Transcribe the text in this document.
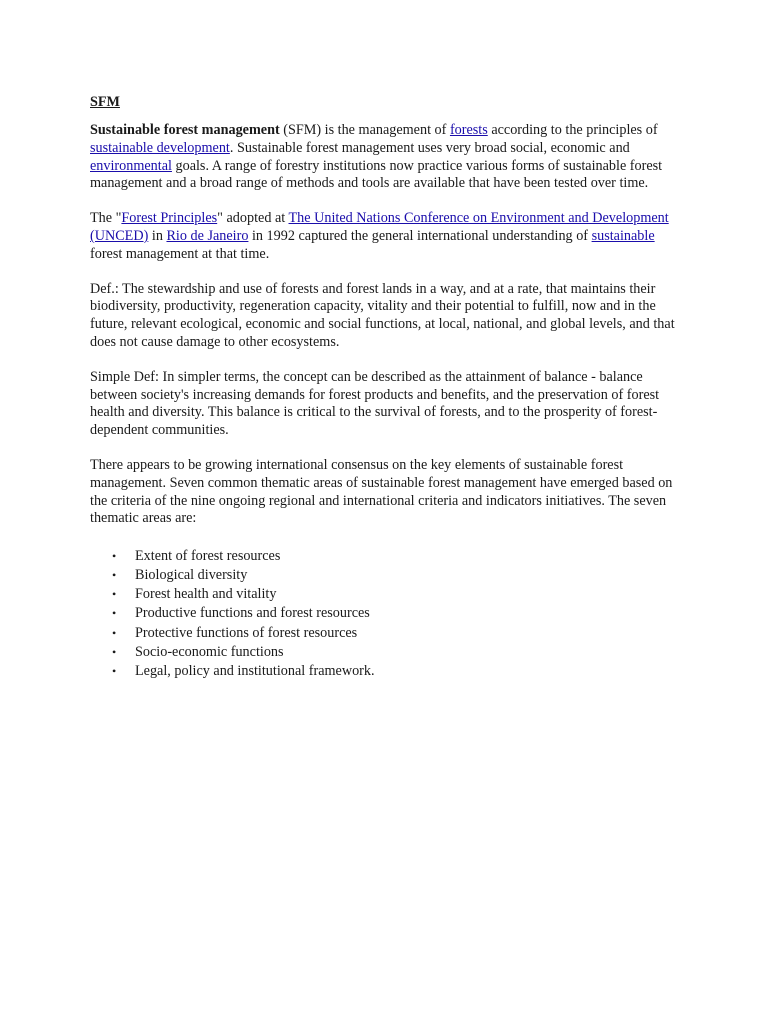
SFM

Sustainable forest management (SFM) is the management of forests according to the principles of sustainable development. Sustainable forest management uses very broad social, economic and environmental goals. A range of forestry institutions now practice various forms of sustainable forest management and a broad range of methods and tools are available that have been tested over time.

The "Forest Principles" adopted at The United Nations Conference on Environment and Development (UNCED) in Rio de Janeiro in 1992 captured the general international understanding of sustainable forest management at that time.

Def.: The stewardship and use of forests and forest lands in a way, and at a rate, that maintains their biodiversity, productivity, regeneration capacity, vitality and their potential to fulfill, now and in the future, relevant ecological, economic and social functions, at local, national, and global levels, and that does not cause damage to other ecosystems.

Simple Def: In simpler terms, the concept can be described as the attainment of balance - balance between society's increasing demands for forest products and benefits, and the preservation of forest health and diversity. This balance is critical to the survival of forests, and to the prosperity of forest-dependent communities.

There appears to be growing international consensus on the key elements of sustainable forest management. Seven common thematic areas of sustainable forest management have emerged based on the criteria of the nine ongoing regional and international criteria and indicators initiatives. The seven thematic areas are:

• Extent of forest resources
• Biological diversity
• Forest health and vitality
• Productive functions and forest resources
• Protective functions of forest resources
• Socio-economic functions
• Legal, policy and institutional framework.
